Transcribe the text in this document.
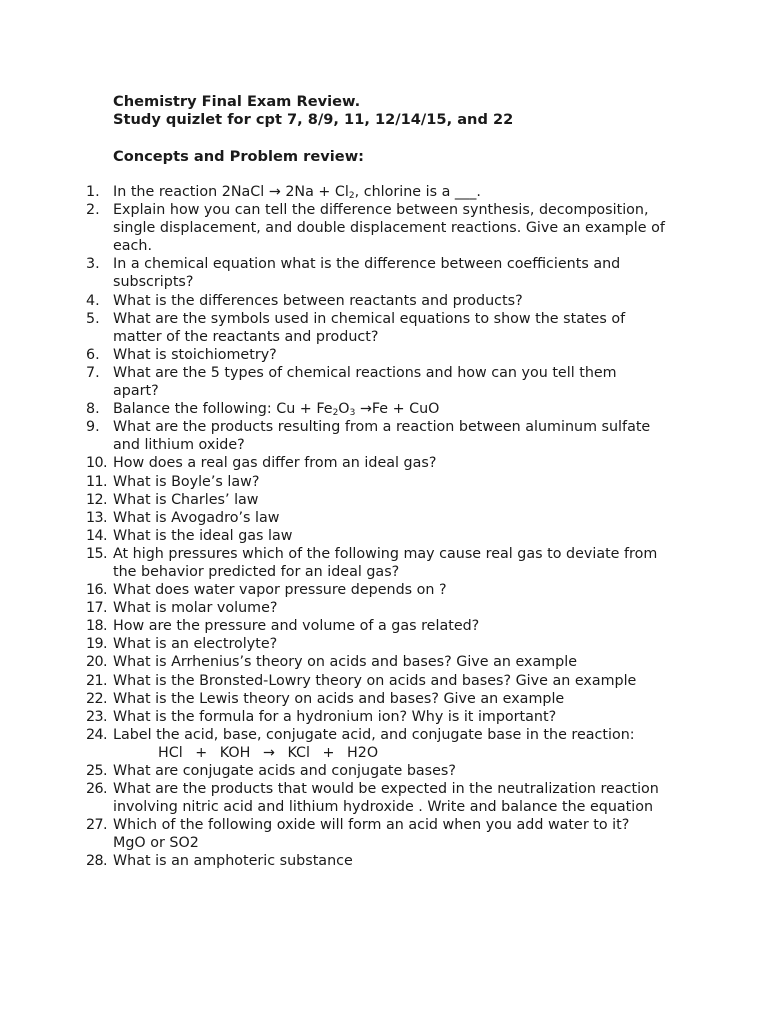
Chemistry Final Exam Review.
Study quizlet for cpt 7, 8/9, 11, 12/14/15, and 22
Concepts and Problem review:
1. In the reaction 2NaCl → $2Na + Cl_2$, chlorine is a ___.
2. Explain how you can tell the difference between synthesis, decomposition, single displacement, and double displacement reactions. Give an example of each.
3. In a chemical equation what is the difference between coefficients and subscripts?
4. What is the differences between reactants and products?
5. What are the symbols used in chemical equations to show the states of matter of the reactants and product?
6. What is stoichiometry?
7. What are the 5 types of chemical reactions and how can you tell them apart?
8. Balance the following: $Cu + Fe_2O_3 \to Fe$ + CuO
9. What are the products resulting from a reaction between aluminum sulfate and lithium oxide?
10. How does a real gas differ from an ideal gas?
11. What is Boyle’s law?
12. What is Charles’ law
13. What is Avogadro’s law
14. What is the ideal gas law
15. At high pressures which of the following may cause real gas to deviate from the behavior predicted for an ideal gas?
16. What does water vapor pressure depends on ?
17. What is molar volume?
18. How are the pressure and volume of a gas related?
19. What is an electrolyte?
20. What is Arrhenius’s theory on acids and bases? Give an example
21. What is the Bronsted-Lowry theory on acids and bases? Give an example
22. What is the Lewis theory on acids and bases? Give an example
23. What is the formula for a hydronium ion? Why is it important?
24. Label the acid, base, conjugate acid, and conjugate base in the reaction:
HCl + KOH → KCl + H2O
25. What are conjugate acids and conjugate bases?
26. What are the products that would be expected in the neutralization reaction involving nitric acid and lithium hydroxide . Write and balance the equation
27. Which of the following oxide will form an acid when you add water to it? MgO or SO2
28. What is an amphoteric substance
